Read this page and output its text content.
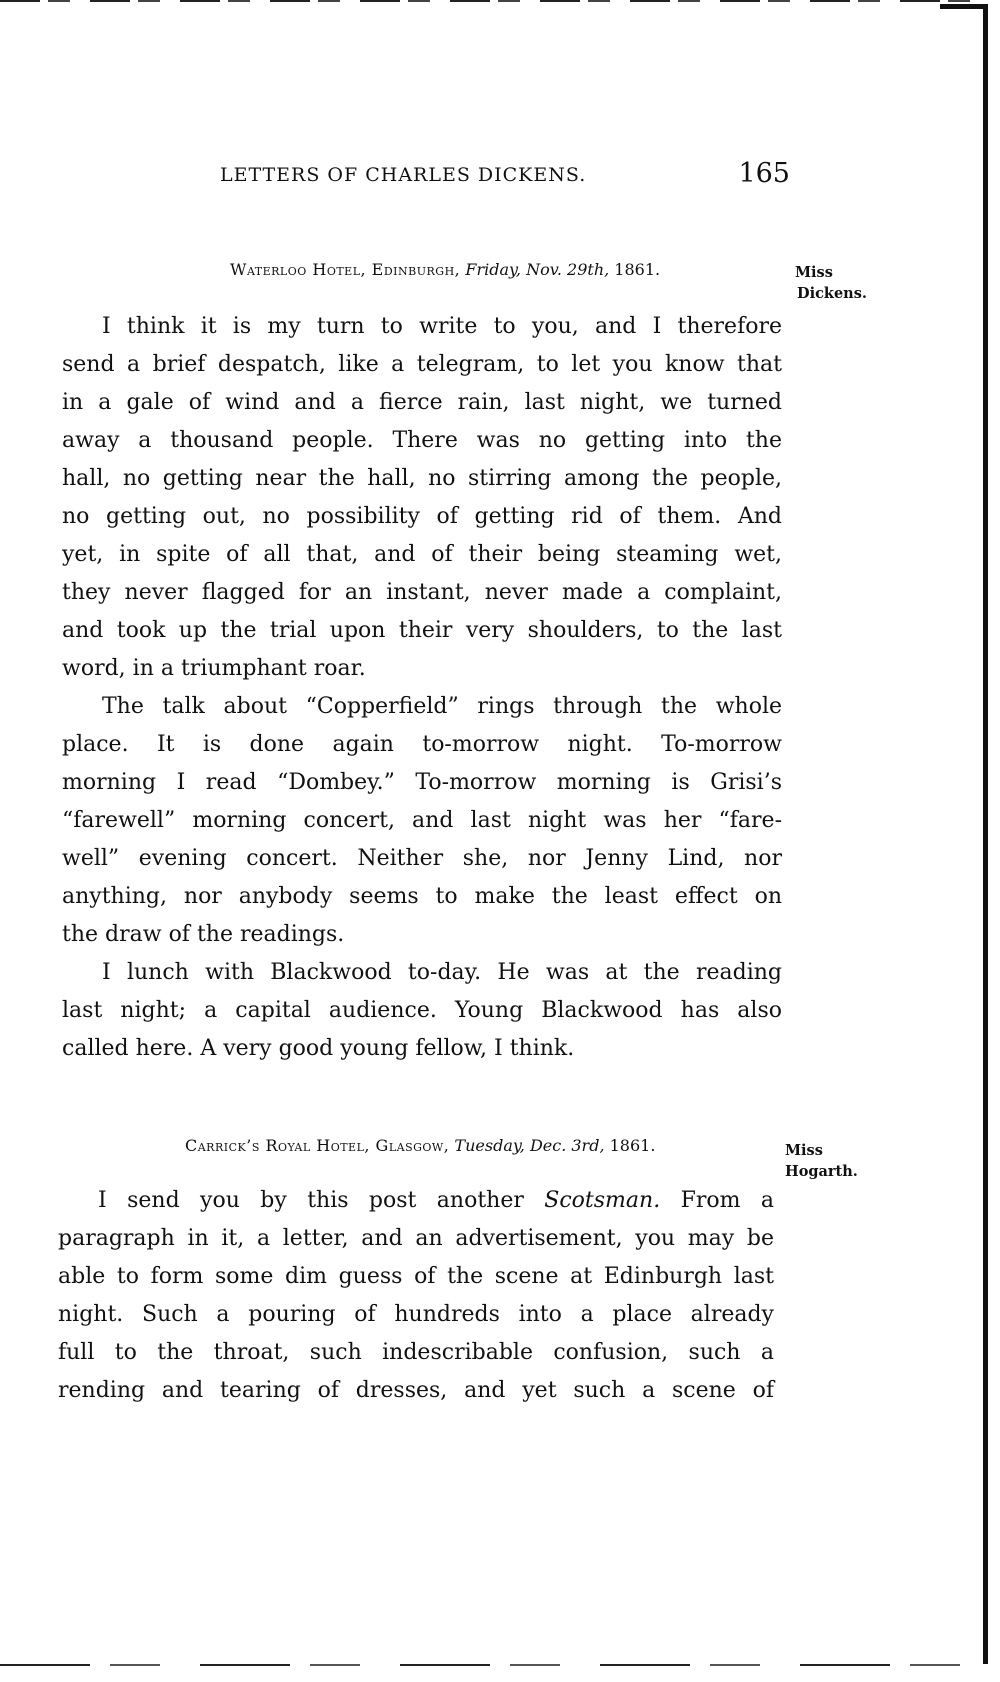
LETTERS OF CHARLES DICKENS.	165
Waterloo Hotel, Edinburgh, Friday, Nov. 29th, 1861.	Miss
Dickens.
I think it is my turn to write to you, and I therefore
send a brief despatch, like a telegram, to let you know that
in a gale of wind and a fierce rain, last night, we turned
away a thousand people. There was no getting into the
hall, no getting near the hall, no stirring among the people,
no getting out, no possibility of getting rid of them. And
yet, in spite of all that, and of their being steaming wet,
they never flagged for an instant, never made a complaint,
and took up the trial upon their very shoulders, to the last
word, in a triumphant roar.
The talk about “Copperfield” rings through the whole
place. It is done again to-morrow night. To-morrow
morning I read “Dombey.” To-morrow morning is Grisi’s
“farewell” morning concert, and last night was her “fare-
well” evening concert. Neither she, nor Jenny Lind, nor
anything, nor anybody seems to make the least effect on
the draw of the readings.
I lunch with Blackwood to-day. He was at the reading
last night; a capital audience. Young Blackwood has also
called here. A very good young fellow, I think.
Carrick’s Royal Hotel, Glasgow, Tuesday, Dec. 3rd, 1861.	Miss
Hogarth.
I send you by this post another Scotsman. From a
paragraph in it, a letter, and an advertisement, you may be
able to form some dim guess of the scene at Edinburgh last
night. Such a pouring of hundreds into a place already
full to the throat, such indescribable confusion, such a
rending and tearing of dresses, and yet such a scene of
